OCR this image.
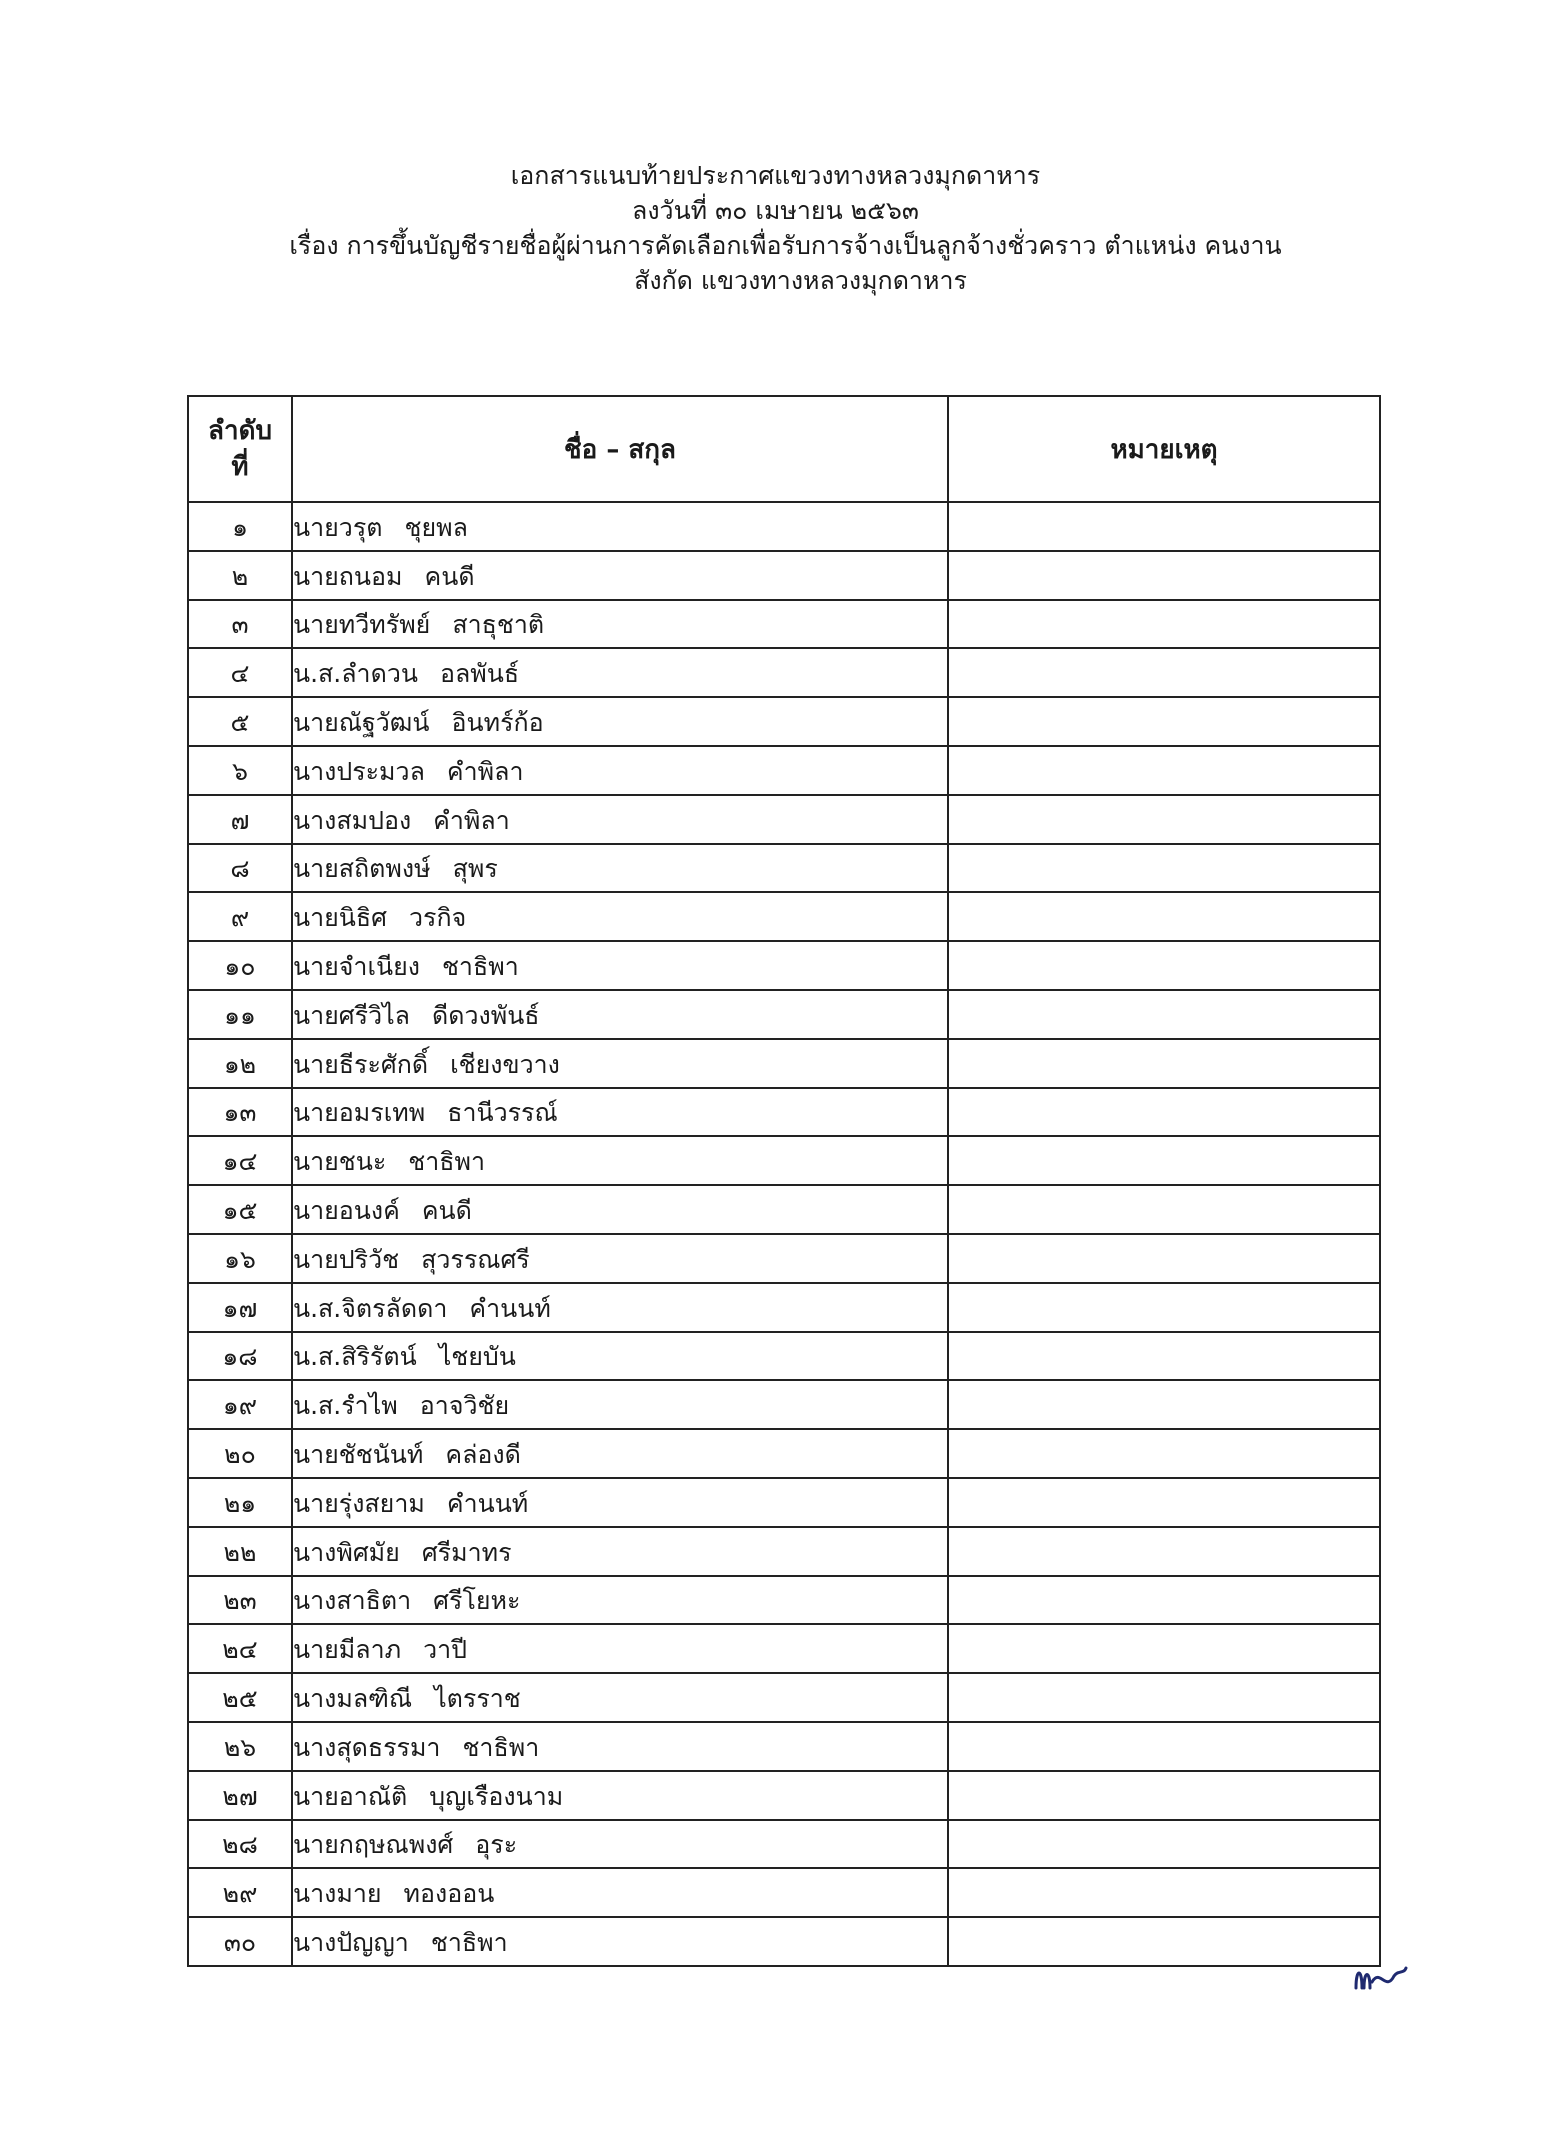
เอกสารแนบท้ายประกาศแขวงทางหลวงมุกดาหาร
ลงวันที่ ๓๐ เมษายน ๒๕๖๓
เรื่อง การขึ้นบัญชีรายชื่อผู้ผ่านการคัดเลือกเพื่อรับการจ้างเป็นลูกจ้างชั่วคราว ตำแหน่ง คนงาน
สังกัด แขวงทางหลวงมุกดาหาร
ลำดับ
ที่	ชื่อ – สกุล	หมายเหตุ
๑	นายวรุต ชุยพล	
๒	นายถนอม คนดี	
๓	นายทวีทรัพย์ สาธุชาติ	
๔	น.ส.ลำดวน อลพันธ์	
๕	นายณัฐวัฒน์ อินทร์ก้อ	
๖	นางประมวล คำพิลา	
๗	นางสมปอง คำพิลา	
๘	นายสถิตพงษ์ สุพร	
๙	นายนิธิศ วรกิจ	
๑๐	นายจำเนียง ชาธิพา	
๑๑	นายศรีวิไล ดีดวงพันธ์	
๑๒	นายธีระศักดิ์ เชียงขวาง	
๑๓	นายอมรเทพ ธานีวรรณ์	
๑๔	นายชนะ ชาธิพา	
๑๕	นายอนงค์ คนดี	
๑๖	นายปริวัช สุวรรณศรี	
๑๗	น.ส.จิตรลัดดา คำนนท์	
๑๘	น.ส.สิริรัตน์ ไชยบัน	
๑๙	น.ส.รำไพ อาจวิชัย	
๒๐	นายชัชนันท์ คล่องดี	
๒๑	นายรุ่งสยาม คำนนท์	
๒๒	นางพิศมัย ศรีมาทร	
๒๓	นางสาธิตา ศรีโยหะ	
๒๔	นายมีลาภ วาปี	
๒๕	นางมลฑิณี ไตรราช	
๒๖	นางสุดธรรมา ชาธิพา	
๒๗	นายอาณัติ บุญเรืองนาม	
๒๘	นายกฤษณพงศ์ อุระ	
๒๙	นางมาย ทองออน	
๓๐	นางปัญญา ชาธิพา	
